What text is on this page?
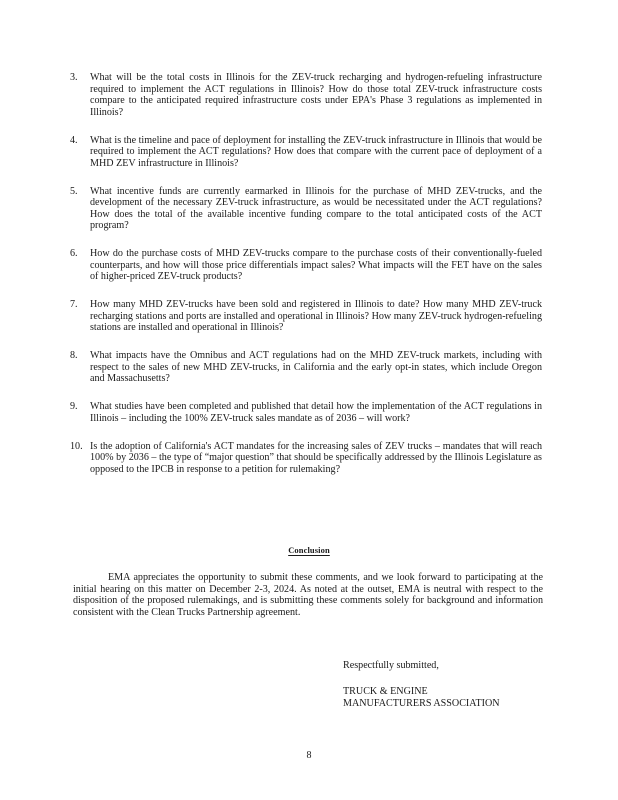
3. What will be the total costs in Illinois for the ZEV-truck recharging and hydrogen-refueling infrastructure required to implement the ACT regulations in Illinois? How do those total ZEV-truck infrastructure costs compare to the anticipated required infrastructure costs under EPA's Phase 3 regulations as implemented in Illinois?
4. What is the timeline and pace of deployment for installing the ZEV-truck infrastructure in Illinois that would be required to implement the ACT regulations? How does that compare with the current pace of deployment of a MHD ZEV infrastructure in Illinois?
5. What incentive funds are currently earmarked in Illinois for the purchase of MHD ZEV-trucks, and the development of the necessary ZEV-truck infrastructure, as would be necessitated under the ACT regulations? How does the total of the available incentive funding compare to the total anticipated costs of the ACT program?
6. How do the purchase costs of MHD ZEV-trucks compare to the purchase costs of their conventionally-fueled counterparts, and how will those price differentials impact sales? What impacts will the FET have on the sales of higher-priced ZEV-truck products?
7. How many MHD ZEV-trucks have been sold and registered in Illinois to date? How many MHD ZEV-truck recharging stations and ports are installed and operational in Illinois? How many ZEV-truck hydrogen-refueling stations are installed and operational in Illinois?
8. What impacts have the Omnibus and ACT regulations had on the MHD ZEV-truck markets, including with respect to the sales of new MHD ZEV-trucks, in California and the early opt-in states, which include Oregon and Massachusetts?
9. What studies have been completed and published that detail how the implementation of the ACT regulations in Illinois – including the 100% ZEV-truck sales mandate as of 2036 – will work?
10. Is the adoption of California's ACT mandates for the increasing sales of ZEV trucks – mandates that will reach 100% by 2036 – the type of “major question” that should be specifically addressed by the Illinois Legislature as opposed to the IPCB in response to a petition for rulemaking?
Conclusion

EMA appreciates the opportunity to submit these comments, and we look forward to participating at the initial hearing on this matter on December 2-3, 2024. As noted at the outset, EMA is neutral with respect to the disposition of the proposed rulemakings, and is submitting these comments solely for background and information consistent with the Clean Trucks Partnership agreement.

Respectfully submitted,
TRUCK & ENGINE
MANUFACTURERS ASSOCIATION
8
